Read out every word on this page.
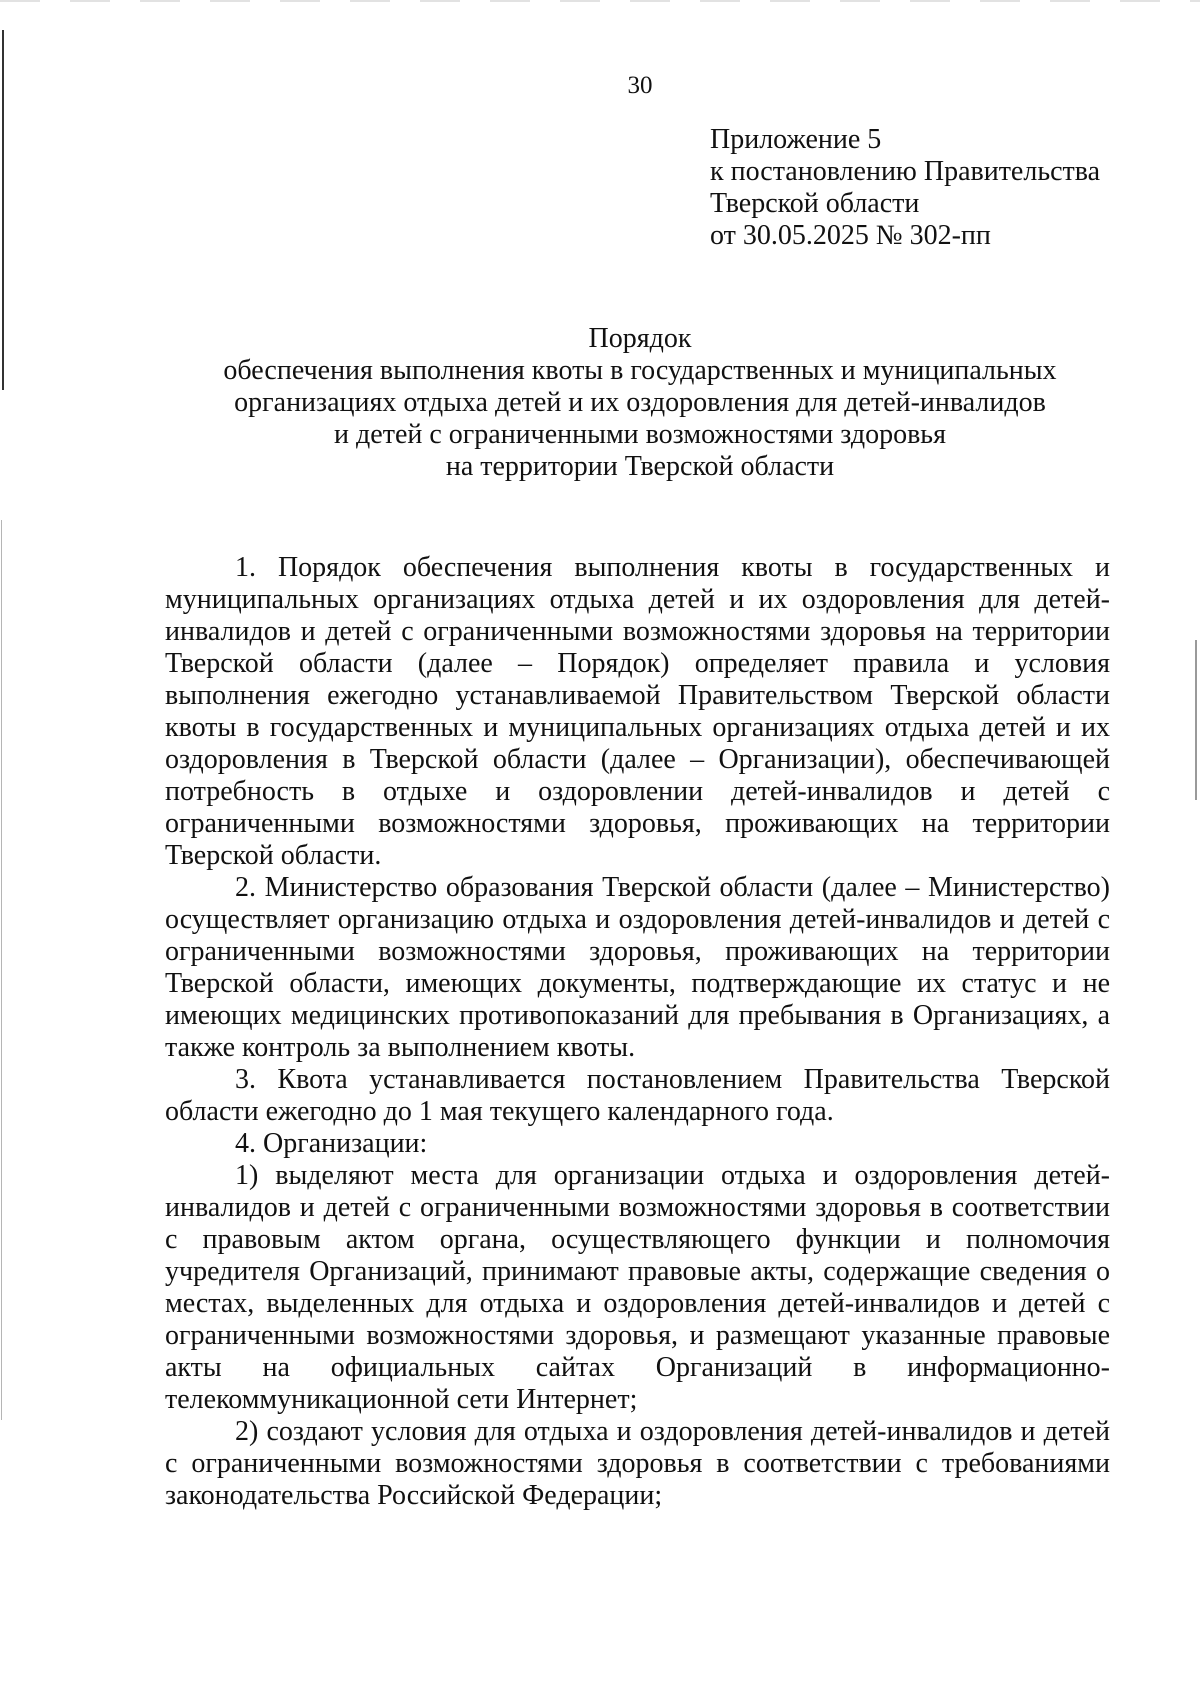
30
Приложение 5
к постановлению Правительства
Тверской области
от 30.05.2025 № 302-пп
Порядок
обеспечения выполнения квоты в государственных и муниципальных
организациях отдыха детей и их оздоровления для детей-инвалидов
и детей с ограниченными возможностями здоровья
на территории Тверской области

1. Порядок обеспечения выполнения квоты в государственных и муниципальных организациях отдыха детей и их оздоровления для детей-инвалидов и детей с ограниченными возможностями здоровья на территории Тверской области (далее – Порядок) определяет правила и условия выполнения ежегодно устанавливаемой Правительством Тверской области квоты в государственных и муниципальных организациях отдыха детей и их оздоровления в Тверской области (далее – Организации), обеспечивающей потребность в отдыхе и оздоровлении детей-инвалидов и детей с ограниченными возможностями здоровья, проживающих на территории Тверской области.

2. Министерство образования Тверской области (далее – Министерство) осуществляет организацию отдыха и оздоровления детей-инвалидов и детей с ограниченными возможностями здоровья, проживающих на территории Тверской области, имеющих документы, подтверждающие их статус и не имеющих медицинских противопоказаний для пребывания в Организациях, а также контроль за выполнением квоты.

3. Квота устанавливается постановлением Правительства Тверской области ежегодно до 1 мая текущего календарного года.

4. Организации:

1) выделяют места для организации отдыха и оздоровления детей-инвалидов и детей с ограниченными возможностями здоровья в соответствии с правовым актом органа, осуществляющего функции и полномочия учредителя Организаций, принимают правовые акты, содержащие сведения о местах, выделенных для отдыха и оздоровления детей-инвалидов и детей с ограниченными возможностями здоровья, и размещают указанные правовые акты на официальных сайтах Организаций в информационно-телекоммуникационной сети Интернет;

2) создают условия для отдыха и оздоровления детей-инвалидов и детей с ограниченными возможностями здоровья в соответствии с требованиями законодательства Российской Федерации;
